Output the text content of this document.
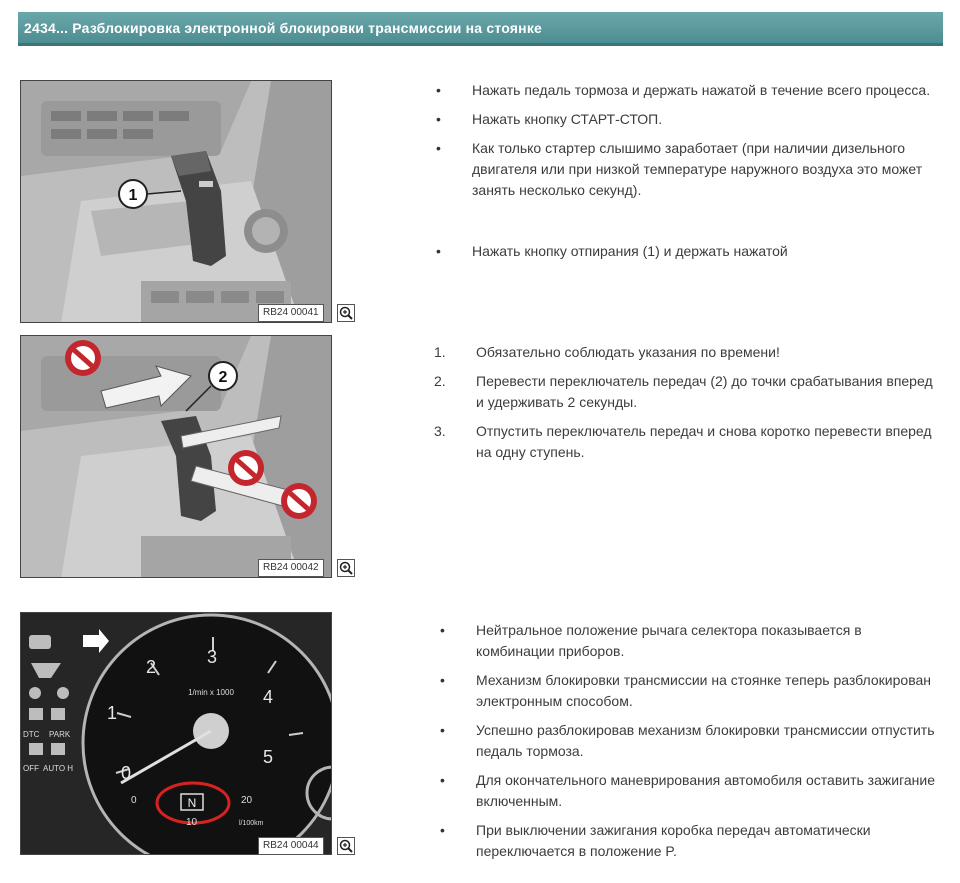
2434... Разблокировка электронной блокировки трансмиссии на стоянке
1
RB24 00041
2
RB24 00042
0
1
2	3
4
5
1/min x 1000
N
0
10
20
l/100km
DTC PARK
OFF AUTO H
RB24 00044
• Нажать педаль тормоза и держать нажатой в течение всего процесса.
• Нажать кнопку СТАРТ-СТОП.
• Как только стартер слышимо заработает (при наличии дизельного двигателя или при низкой температуре наружного воздуха это может занять несколько секунд).
• Нажать кнопку отпирания (1) и держать нажатой
1. Обязательно соблюдать указания по времени!
2. Перевести переключатель передач (2) до точки срабатывания вперед и удерживать 2 секунды.
3. Отпустить переключатель передач и снова коротко перевести вперед на одну ступень.
• Нейтральное положение рычага селектора показывается в комбинации приборов.
• Механизм блокировки трансмиссии на стоянке теперь разблокирован электронным способом.
• Успешно разблокировав механизм блокировки трансмиссии отпустить педаль тормоза.
• Для окончательного маневрирования автомобиля оставить зажигание включенным.
• При выключении зажигания коробка передач автоматически переключается в положение P.
